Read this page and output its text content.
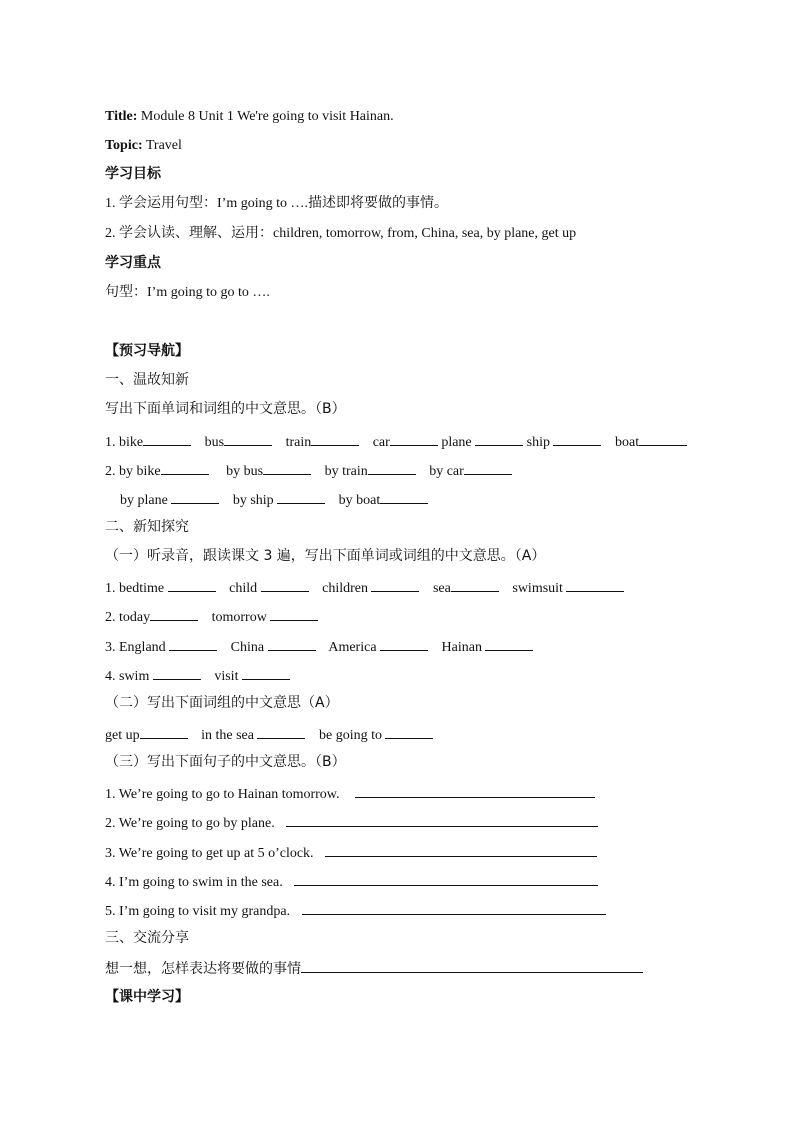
Title: Module 8 Unit 1 We're going to visit Hainan.
Topic: Travel
学习目标
1. 学会运用句型：I’m going to ….描述即将要做的事情。
2. 学会认读、理解、运用：children, tomorrow, from, China, sea, by plane, get up
学习重点
句型：I’m going to go to ….
【预习导航】
一、温故知新
写出下面单词和词组的中文意思。（B）
1. bike	bus	train	car	plane	ship	boat
2. by bike	by bus	by train	by car
by plane	by ship	by boat
二、新知探究
（一）听录音，跟读课文 3 遍，写出下面单词或词组的中文意思。（A）
1. bedtime	child	children	sea	swimsuit
2. today	tomorrow
3. England	China	America	Hainan
4. swim	visit
（二）写出下面词组的中文意思（A）
get up	in the sea	be going to
（三）写出下面句子的中文意思。（B）
1. We’re going to go to Hainan tomorrow.
2. We’re going to go by plane.
3. We’re going to get up at 5 o’clock.
4. I’m going to swim in the sea.
5. I’m going to visit my grandpa.
三、交流分享
想一想，怎样表达将要做的事情
【课中学习】
